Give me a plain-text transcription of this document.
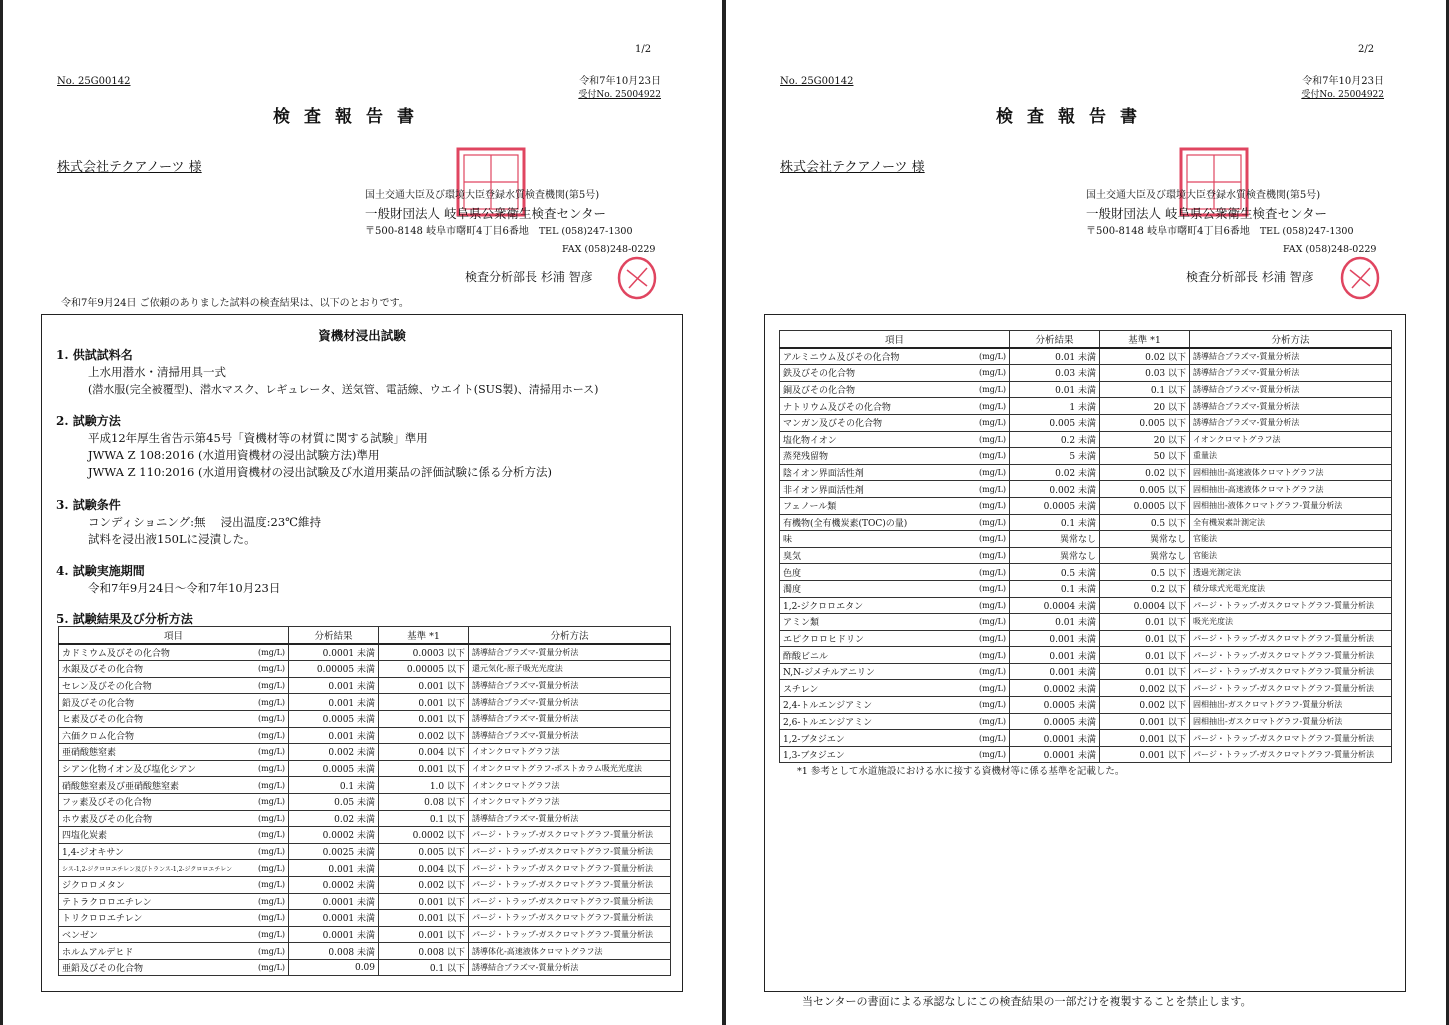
1/2
No. 25G00142	令和7年10月23日
受付No. 25004922
検査報告書
株式会社テクアノーツ 様
国土交通大臣及び環境大臣登録水質検査機関(第5号)
一般財団法人 岐阜県公衆衛生検査センター
〒500-8148 岐阜市曙町4丁目6番地　 TEL (058)247-1300
FAX (058)248-0229
検査分析部長 杉浦 智彦
令和7年9月24日 ご依頼のありました試料の検査結果は、以下のとおりです。
資機材浸出試験
1. 供試試料名
上水用潜水・清掃用具一式
(潜水服(完全被覆型)、潜水マスク、レギュレータ、送気管、電話線、ウエイト(SUS製)、清掃用ホース)
2. 試験方法
平成12年厚生省告示第45号「資機材等の材質に関する試験」準用
JWWA Z 108:2016 (水道用資機材の浸出試験方法)準用
JWWA Z 110:2016 (水道用資機材の浸出試験及び水道用薬品の評価試験に係る分析方法)
3. 試験条件
コンディショニング:無　 浸出温度:23℃維持
試料を浸出液150Lに浸漬した。
4. 試験実施期間
令和7年9月24日～令和7年10月23日
5. 試験結果及び分析方法
項目		分析結果	基準 *1	分析方法
カドミウム及びその化合物	(mg/L)	0.0001 未満	0.0003 以下	誘導結合プラズマ-質量分析法
水銀及びその化合物	(mg/L)	0.00005 未満	0.00005 以下	還元気化-原子吸光光度法
セレン及びその化合物	(mg/L)	0.001 未満	0.001 以下	誘導結合プラズマ-質量分析法
鉛及びその化合物	(mg/L)	0.001 未満	0.001 以下	誘導結合プラズマ-質量分析法
ヒ素及びその化合物	(mg/L)	0.0005 未満	0.001 以下	誘導結合プラズマ-質量分析法
六価クロム化合物	(mg/L)	0.001 未満	0.002 以下	誘導結合プラズマ-質量分析法
亜硝酸態窒素	(mg/L)	0.002 未満	0.004 以下	イオンクロマトグラフ法
シアン化物イオン及び塩化シアン	(mg/L)	0.0005 未満	0.001 以下	イオンクロマトグラフ-ポストカラム吸光光度法
硝酸態窒素及び亜硝酸態窒素	(mg/L)	0.1 未満	1.0 以下	イオンクロマトグラフ法
フッ素及びその化合物	(mg/L)	0.05 未満	0.08 以下	イオンクロマトグラフ法
ホウ素及びその化合物	(mg/L)	0.02 未満	0.1 以下	誘導結合プラズマ-質量分析法
四塩化炭素	(mg/L)	0.0002 未満	0.0002 以下	パージ・トラップ-ガスクロマトグラフ-質量分析法
1,4-ジオキサン	(mg/L)	0.0025 未満	0.005 以下	パージ・トラップ-ガスクロマトグラフ-質量分析法
シス-1,2-ジクロロエチレン及びトランス-1,2-ジクロロエチレン	(mg/L)	0.001 未満	0.004 以下	パージ・トラップ-ガスクロマトグラフ-質量分析法
ジクロロメタン	(mg/L)	0.0002 未満	0.002 以下	パージ・トラップ-ガスクロマトグラフ-質量分析法
テトラクロロエチレン	(mg/L)	0.0001 未満	0.001 以下	パージ・トラップ-ガスクロマトグラフ-質量分析法
トリクロロエチレン	(mg/L)	0.0001 未満	0.001 以下	パージ・トラップ-ガスクロマトグラフ-質量分析法
ベンゼン	(mg/L)	0.0001 未満	0.001 以下	パージ・トラップ-ガスクロマトグラフ-質量分析法
ホルムアルデヒド	(mg/L)	0.008 未満	0.008 以下	誘導体化-高速液体クロマトグラフ法
亜鉛及びその化合物	(mg/L)	0.09	0.1 以下	誘導結合プラズマ-質量分析法
2/2
No. 25G00142	令和7年10月23日
受付No. 25004922
検査報告書
株式会社テクアノーツ 様
国土交通大臣及び環境大臣登録水質検査機関(第5号)
一般財団法人 岐阜県公衆衛生検査センター
〒500-8148 岐阜市曙町4丁目6番地　 TEL (058)247-1300
FAX (058)248-0229
検査分析部長 杉浦 智彦
項目		分析結果	基準 *1	分析方法
アルミニウム及びその化合物	(mg/L)	0.01 未満	0.02 以下	誘導結合プラズマ-質量分析法
鉄及びその化合物	(mg/L)	0.03 未満	0.03 以下	誘導結合プラズマ-質量分析法
銅及びその化合物	(mg/L)	0.01 未満	0.1 以下	誘導結合プラズマ-質量分析法
ナトリウム及びその化合物	(mg/L)	1 未満	20 以下	誘導結合プラズマ-質量分析法
マンガン及びその化合物	(mg/L)	0.005 未満	0.005 以下	誘導結合プラズマ-質量分析法
塩化物イオン	(mg/L)	0.2 未満	20 以下	イオンクロマトグラフ法
蒸発残留物	(mg/L)	5 未満	50 以下	重量法
陰イオン界面活性剤	(mg/L)	0.02 未満	0.02 以下	固相抽出-高速液体クロマトグラフ法
非イオン界面活性剤	(mg/L)	0.002 未満	0.005 以下	固相抽出-高速液体クロマトグラフ法
フェノール類	(mg/L)	0.0005 未満	0.0005 以下	固相抽出-液体クロマトグラフ-質量分析法
有機物(全有機炭素(TOC)の量)	(mg/L)	0.1 未満	0.5 以下	全有機炭素計測定法
味	(mg/L)	異常なし	異常なし	官能法
臭気	(mg/L)	異常なし	異常なし	官能法
色度	(mg/L)	0.5 未満	0.5 以下	透過光測定法
濁度	(mg/L)	0.1 未満	0.2 以下	積分球式光電光度法
1,2-ジクロロエタン	(mg/L)	0.0004 未満	0.0004 以下	パージ・トラップ-ガスクロマトグラフ-質量分析法
アミン類	(mg/L)	0.01 未満	0.01 以下	吸光光度法
エピクロロヒドリン	(mg/L)	0.001 未満	0.01 以下	パージ・トラップ-ガスクロマトグラフ-質量分析法
酢酸ビニル	(mg/L)	0.001 未満	0.01 以下	パージ・トラップ-ガスクロマトグラフ-質量分析法
N,N-ジメチルアニリン	(mg/L)	0.001 未満	0.01 以下	パージ・トラップ-ガスクロマトグラフ-質量分析法
スチレン	(mg/L)	0.0002 未満	0.002 以下	パージ・トラップ-ガスクロマトグラフ-質量分析法
2,4-トルエンジアミン	(mg/L)	0.0005 未満	0.002 以下	固相抽出-ガスクロマトグラフ-質量分析法
2,6-トルエンジアミン	(mg/L)	0.0005 未満	0.001 以下	固相抽出-ガスクロマトグラフ-質量分析法
1,2-ブタジエン	(mg/L)	0.0001 未満	0.001 以下	パージ・トラップ-ガスクロマトグラフ-質量分析法
1,3-ブタジエン	(mg/L)	0.0001 未満	0.001 以下	パージ・トラップ-ガスクロマトグラフ-質量分析法
*1 参考として水道施設における水に接する資機材等に係る基準を記載した。
当センターの書面による承認なしにこの検査結果の一部だけを複製することを禁止します。
